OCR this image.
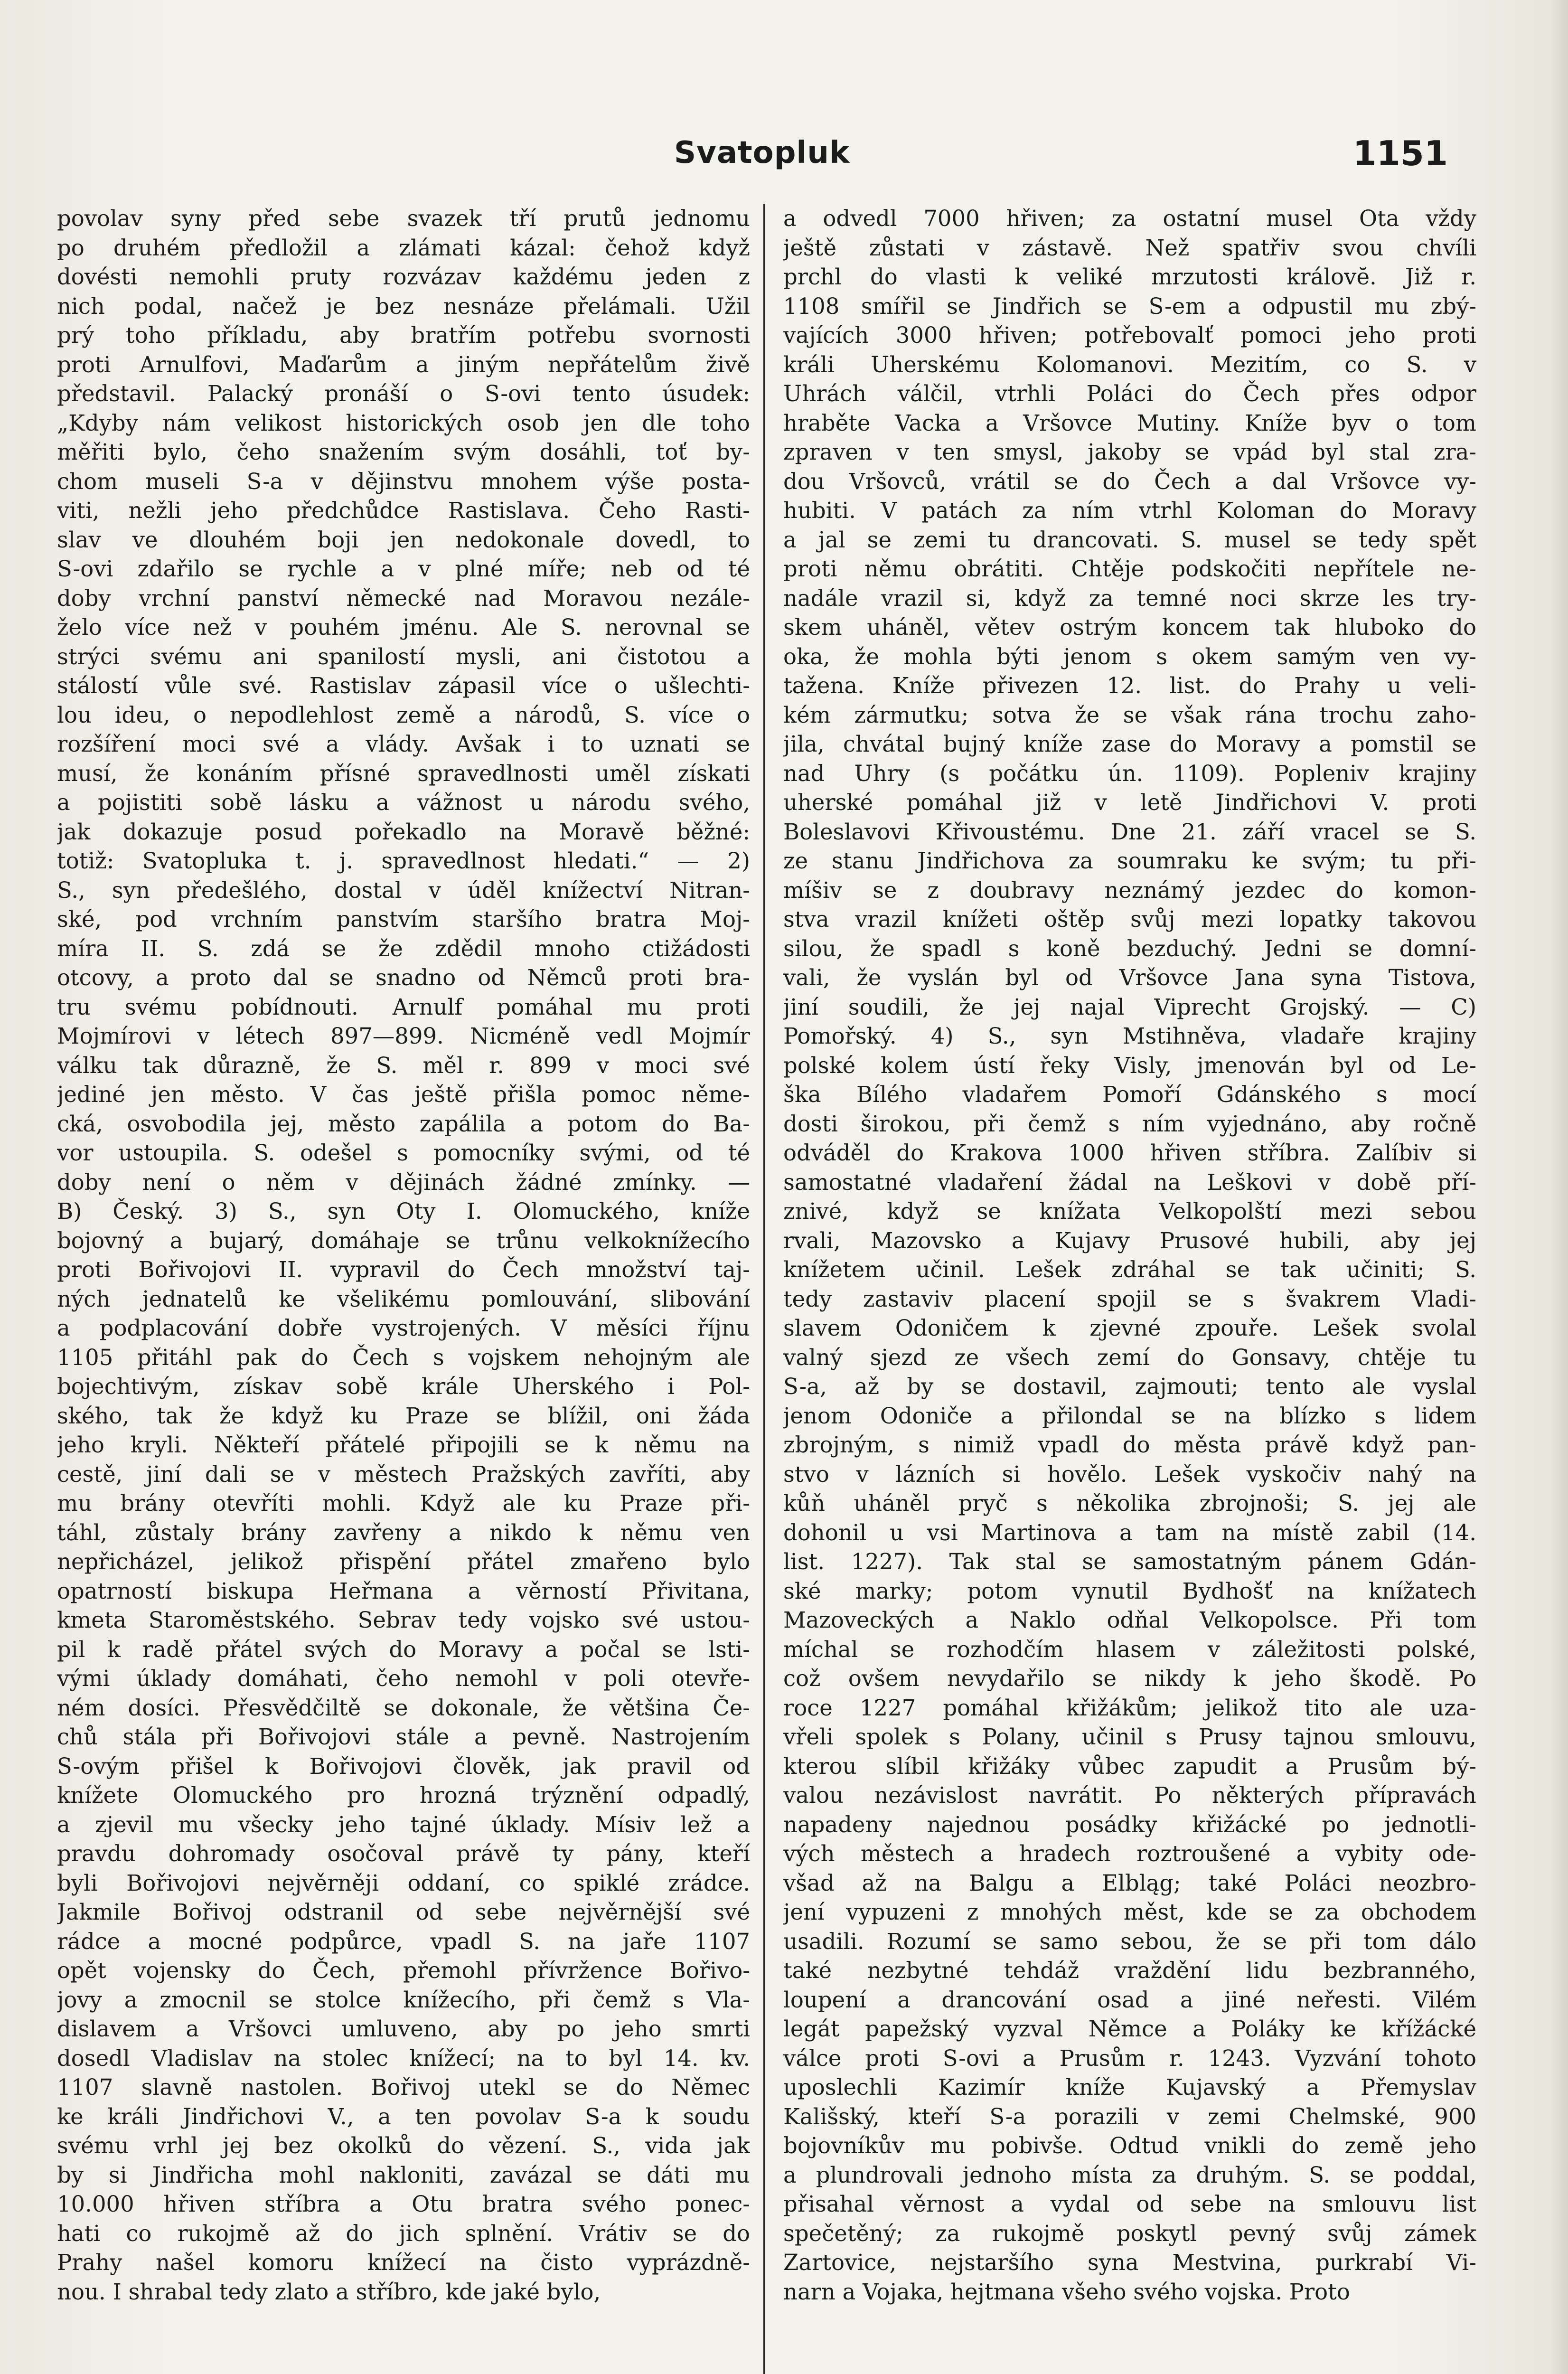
Svatopluk	1151

povolav syny před sebe svazek tří prutů jednomu

po druhém předložil a zlámati kázal: čehož když

dovésti nemohli pruty rozvázav každému jeden z

nich podal, načež je bez nesnáze přelámali. Užil

prý toho příkladu, aby bratřím potřebu svornosti

proti Arnulfovi, Maďarům a jiným nepřátelům živě

představil. Palacký pronáší o S-ovi tento úsudek:

„Kdyby nám velikost historických osob jen dle toho

měřiti bylo, čeho snažením svým dosáhli, toť by-

chom museli S-a v dějinstvu mnohem výše posta-

viti, nežli jeho předchůdce Rastislava. Čeho Rasti-

slav ve dlouhém boji jen nedokonale dovedl, to

S-ovi zdařilo se rychle a v plné míře; neb od té

doby vrchní panství německé nad Moravou nezále-

želo více než v pouhém jménu. Ale S. nerovnal se

strýci svému ani spanilostí mysli, ani čistotou a

stálostí vůle své. Rastislav zápasil více o ušlechti-

lou ideu, o nepodlehlost země a národů, S. více o

rozšíření moci své a vlády. Avšak i to uznati se

musí, že konáním přísné spravedlnosti uměl získati

a pojistiti sobě lásku a vážnost u národu svého,

jak dokazuje posud pořekadlo na Moravě běžné:

totiž: Svatopluka t. j. spravedlnost hledati.“ — 2)

S., syn předešlého, dostal v úděl knížectví Nitran-

ské, pod vrchním panstvím staršího bratra Moj-

míra II. S. zdá se že zdědil mnoho ctižádosti

otcovy, a proto dal se snadno od Němců proti bra-

tru svému pobídnouti. Arnulf pomáhal mu proti

Mojmírovi v létech 897—899. Nicméně vedl Mojmír

válku tak důrazně, že S. měl r. 899 v moci své

jediné jen město. V čas ještě přišla pomoc něme-

cká, osvobodila jej, město zapálila a potom do Ba-

vor ustoupila. S. odešel s pomocníky svými, od té

doby není o něm v dějinách žádné zmínky. —

B) Český. 3) S., syn Oty I. Olomuckého, kníže

bojovný a bujarý, domáhaje se trůnu velkoknížecího

proti Bořivojovi II. vypravil do Čech množství taj-

ných jednatelů ke všelikému pomlouvání, slibování

a podplacování dobře vystrojených. V měsíci říjnu

1105 přitáhl pak do Čech s vojskem nehojným ale

bojechtivým, získav sobě krále Uherského i Pol-

ského, tak že když ku Praze se blížil, oni žáda

jeho kryli. Někteří přátelé připojili se k němu na

cestě, jiní dali se v městech Pražských zavříti, aby

mu brány otevříti mohli. Když ale ku Praze při-

táhl, zůstaly brány zavřeny a nikdo k němu ven

nepřicházel, jelikož přispění přátel zmařeno bylo

opatrností biskupa Heřmana a věrností Přivitana,

kmeta Staroměstského. Sebrav tedy vojsko své ustou-

pil k radě přátel svých do Moravy a počal se lsti-

vými úklady domáhati, čeho nemohl v poli otevře-

ném dosíci. Přesvědčiltě se dokonale, že většina Če-

chů stála při Bořivojovi stále a pevně. Nastrojením

S-ovým přišel k Bořivojovi člověk, jak pravil od

knížete Olomuckého pro hrozná trýznění odpadlý,

a zjevil mu všecky jeho tajné úklady. Mísiv lež a

pravdu dohromady osočoval právě ty pány, kteří

byli Bořivojovi nejvěrněji oddaní, co spiklé zrádce.

Jakmile Bořivoj odstranil od sebe nejvěrnější své

rádce a mocné podpůrce, vpadl S. na jaře 1107

opět vojensky do Čech, přemohl přívržence Bořivo-

jovy a zmocnil se stolce knížecího, při čemž s Vla-

dislavem a Vršovci umluveno, aby po jeho smrti

dosedl Vladislav na stolec knížecí; na to byl 14. kv.

1107 slavně nastolen. Bořivoj utekl se do Němec

ke králi Jindřichovi V., a ten povolav S-a k soudu

svému vrhl jej bez okolků do vězení. S., vida jak

by si Jindřicha mohl nakloniti, zavázal se dáti mu

10.000 hřiven stříbra a Otu bratra svého ponec-

hati co rukojmě až do jich splnění. Vrátiv se do

Prahy našel komoru knížecí na čisto vyprázdně-

nou. I shrabal tedy zlato a stříbro, kde jaké bylo,

a odvedl 7000 hřiven; za ostatní musel Ota vždy

ještě zůstati v zástavě. Než spatřiv svou chvíli

prchl do vlasti k veliké mrzutosti královĕ. Již r.

1108 smířil se Jindřich se S-em a odpustil mu zbý-

vajících 3000 hřiven; potřebovalť pomoci jeho proti

králi Uherskému Kolomanovi. Mezitím, co S. v

Uhrách válčil, vtrhli Poláci do Čech přes odpor

hraběte Vacka a Vršovce Mutiny. Kníže byv o tom

zpraven v ten smysl, jakoby se vpád byl stal zra-

dou Vršovců, vrátil se do Čech a dal Vršovce vy-

hubiti. V patách za ním vtrhl Koloman do Moravy

a jal se zemi tu drancovati. S. musel se tedy spět

proti němu obrátiti. Chtěje podskočiti nepřítele ne-

nadále vrazil si, když za temné noci skrze les try-

skem uháněl, větev ostrým koncem tak hluboko do

oka, že mohla býti jenom s okem samým ven vy-

tažena. Kníže přivezen 12. list. do Prahy u veli-

kém zármutku; sotva že se však rána trochu zaho-

jila, chvátal bujný kníže zase do Moravy a pomstil se

nad Uhry (s počátku ún. 1109). Popleniv krajiny

uherské pomáhal již v letě Jindřichovi V. proti

Boleslavovi Křivoustému. Dne 21. září vracel se S.

ze stanu Jindřichova za soumraku ke svým; tu při-

míšiv se z doubravy neznámý jezdec do komon-

stva vrazil knížeti oštěp svůj mezi lopatky takovou

silou, že spadl s koně bezduchý. Jedni se domní-

vali, že vyslán byl od Vršovce Jana syna Tistova,

jiní soudili, že jej najal Viprecht Grojský. — C)

Pomořský. 4) S., syn Mstihněva, vladaře krajiny

polské kolem ústí řeky Visly, jmenován byl od Le-

ška Bílého vladařem Pomoří Gdánského s mocí

dosti širokou, při čemž s ním vyjednáno, aby ročně

odváděl do Krakova 1000 hřiven stříbra. Zalíbiv si

samostatné vladaření žádal na Leškovi v době pří-

znivé, když se knížata Velkopolští mezi sebou

rvali, Mazovsko a Kujavy Prusové hubili, aby jej

knížetem učinil. Lešek zdráhal se tak učiniti; S.

tedy zastaviv placení spojil se s švakrem Vladi-

slavem Odoničem k zjevné zpouře. Lešek svolal

valný sjezd ze všech zemí do Gonsavy, chtěje tu

S-a, až by se dostavil, zajmouti; tento ale vyslal

jenom Odoniče a přilondal se na blízko s lidem

zbrojným, s nimiž vpadl do města právě když pan-

stvo v lázních si hovělo. Lešek vyskočiv nahý na

kůň uháněl pryč s několika zbrojnoši; S. jej ale

dohonil u vsi Martinova a tam na místě zabil (14.

list. 1227). Tak stal se samostatným pánem Gdán-

ské marky; potom vynutil Bydhošť na knížatech

Mazoveckých a Naklo odňal Velkopolsce. Při tom

míchal se rozhodčím hlasem v záležitosti polské,

což ovšem nevydařilo se nikdy k jeho škodě. Po

roce 1227 pomáhal křižákům; jelikož tito ale uza-

vřeli spolek s Polany, učinil s Prusy tajnou smlouvu,

kterou slíbil křižáky vůbec zapudit a Prusům bý-

valou nezávislost navrátit. Po některých přípravách

napadeny najednou posádky křižácké po jednotli-

vých městech a hradech roztroušené a vybity ode-

všad až na Balgu a Elbląg; také Poláci neozbro-

jení vypuzeni z mnohých měst, kde se za obchodem

usadili. Rozumí se samo sebou, že se při tom dálo

také nezbytné tehdáž vraždění lidu bezbranného,

loupení a drancování osad a jiné neřesti. Vilém

legát papežský vyzval Němce a Poláky ke křížácké

válce proti S-ovi a Prusům r. 1243. Vyzvání tohoto

uposlechli Kazimír kníže Kujavský a Přemyslav

Kališský, kteří S-a porazili v zemi Chelmské, 900

bojovníkův mu pobivše. Odtud vnikli do země jeho

a plundrovali jednoho místa za druhým. S. se poddal,

přisahal věrnost a vydal od sebe na smlouvu list

spečetěný; za rukojmě poskytl pevný svůj zámek

Zartovice, nejstaršího syna Mestvina, purkrabí Vi-

narn a Vojaka, hejtmana všeho svého vojska. Proto
